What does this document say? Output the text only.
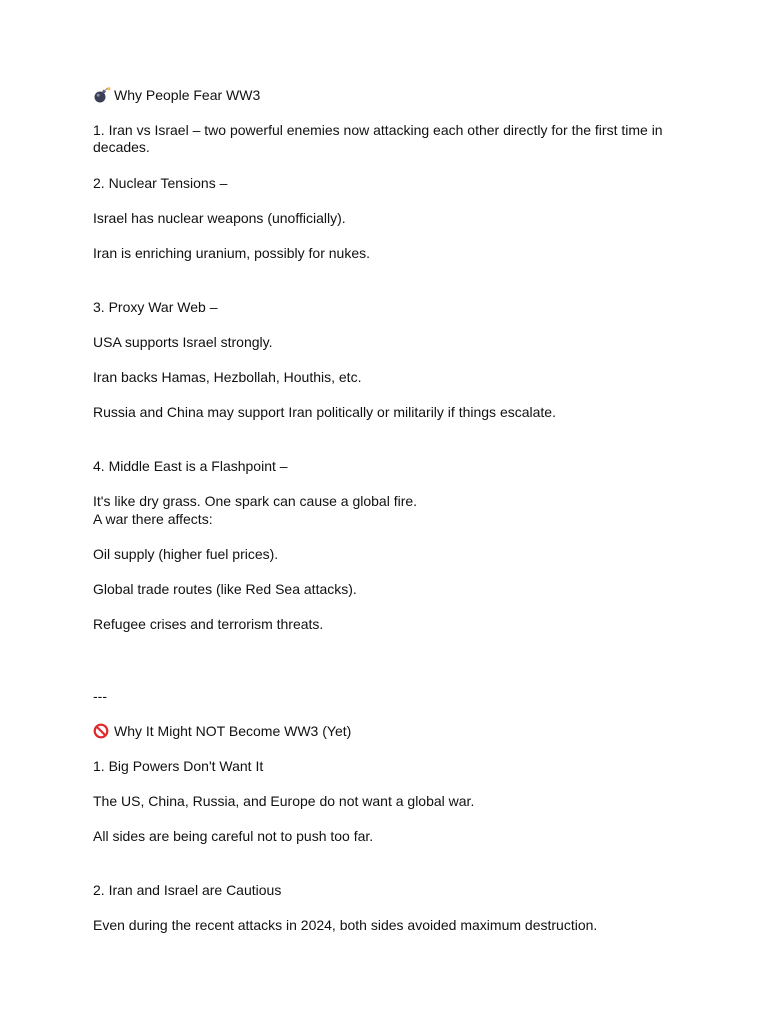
Why People Fear WW3
1. Iran vs Israel – two powerful enemies now attacking each other directly for the first time in decades.
2. Nuclear Tensions –
Israel has nuclear weapons (unofficially).
Iran is enriching uranium, possibly for nukes.
3. Proxy War Web –
USA supports Israel strongly.
Iran backs Hamas, Hezbollah, Houthis, etc.
Russia and China may support Iran politically or militarily if things escalate.
4. Middle East is a Flashpoint –
It's like dry grass. One spark can cause a global fire.
A war there affects:
Oil supply (higher fuel prices).
Global trade routes (like Red Sea attacks).
Refugee crises and terrorism threats.
---
Why It Might NOT Become WW3 (Yet)
1. Big Powers Don't Want It
The US, China, Russia, and Europe do not want a global war.
All sides are being careful not to push too far.
2. Iran and Israel are Cautious
Even during the recent attacks in 2024, both sides avoided maximum destruction.
